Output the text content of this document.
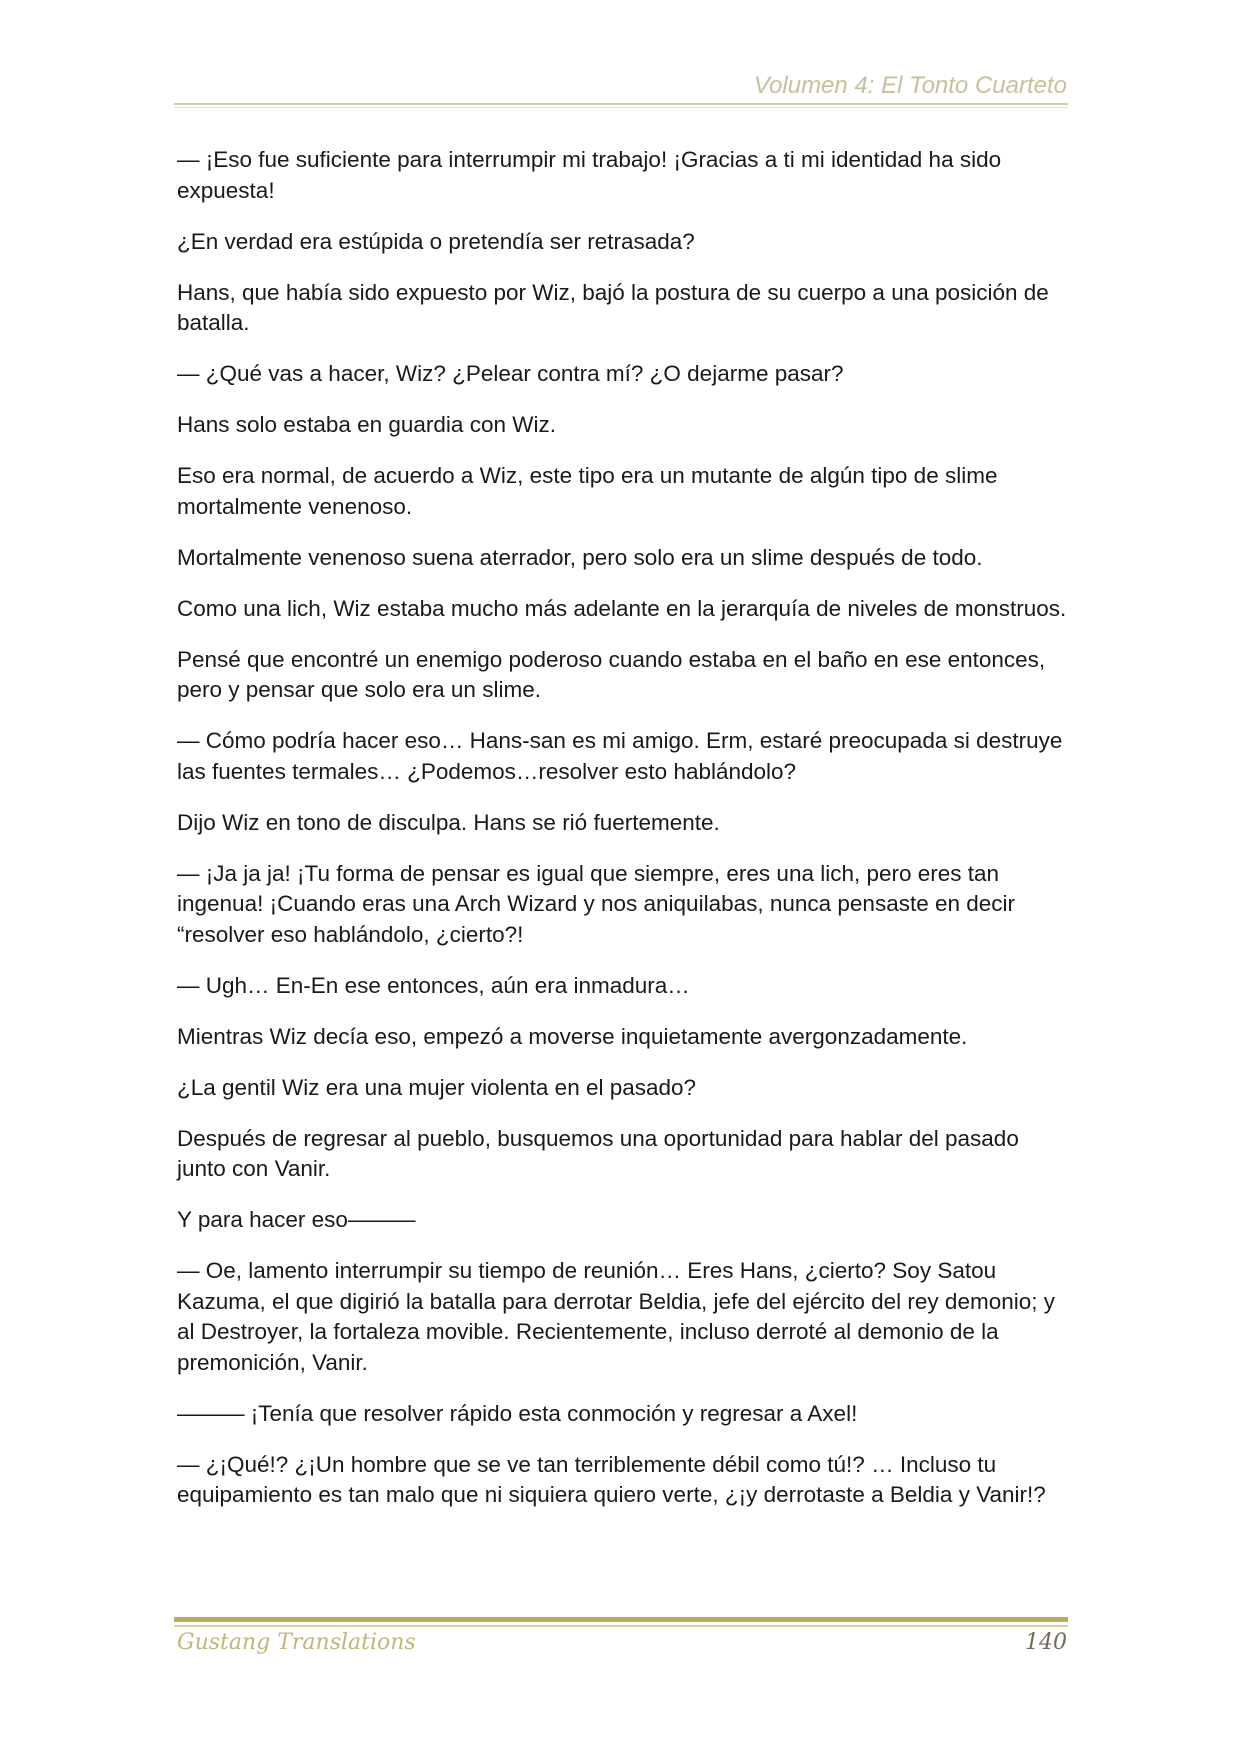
Volumen 4: El Tonto Cuarteto

— ¡Eso fue suficiente para interrumpir mi trabajo! ¡Gracias a ti mi identidad ha sido expuesta!

¿En verdad era estúpida o pretendía ser retrasada?

Hans, que había sido expuesto por Wiz, bajó la postura de su cuerpo a una posición de batalla.

— ¿Qué vas a hacer, Wiz? ¿Pelear contra mí? ¿O dejarme pasar?

Hans solo estaba en guardia con Wiz.

Eso era normal, de acuerdo a Wiz, este tipo era un mutante de algún tipo de slime mortalmente venenoso.

Mortalmente venenoso suena aterrador, pero solo era un slime después de todo.

Como una lich, Wiz estaba mucho más adelante en la jerarquía de niveles de monstruos.

Pensé que encontré un enemigo poderoso cuando estaba en el baño en ese entonces, pero y pensar que solo era un slime.

— Cómo podría hacer eso… Hans-san es mi amigo. Erm, estaré preocupada si destruye las fuentes termales… ¿Podemos…resolver esto hablándolo?

Dijo Wiz en tono de disculpa. Hans se rió fuertemente.

— ¡Ja ja ja! ¡Tu forma de pensar es igual que siempre, eres una lich, pero eres tan ingenua! ¡Cuando eras una Arch Wizard y nos aniquilabas, nunca pensaste en decir “resolver eso hablándolo, ¿cierto?!

— Ugh… En-En ese entonces, aún era inmadura…

Mientras Wiz decía eso, empezó a moverse inquietamente avergonzadamente.

¿La gentil Wiz era una mujer violenta en el pasado?

Después de regresar al pueblo, busquemos una oportunidad para hablar del pasado junto con Vanir.

Y para hacer eso———

— Oe, lamento interrumpir su tiempo de reunión… Eres Hans, ¿cierto? Soy Satou Kazuma, el que digirió la batalla para derrotar Beldia, jefe del ejército del rey demonio; y al Destroyer, la fortaleza movible. Recientemente, incluso derroté al demonio de la premonición, Vanir.

——— ¡Tenía que resolver rápido esta conmoción y regresar a Axel!

— ¿¡Qué!? ¿¡Un hombre que se ve tan terriblemente débil como tú!? … Incluso tu equipamiento es tan malo que ni siquiera quiero verte, ¿¡y derrotaste a Beldia y Vanir!?

Gustang Translations	140
